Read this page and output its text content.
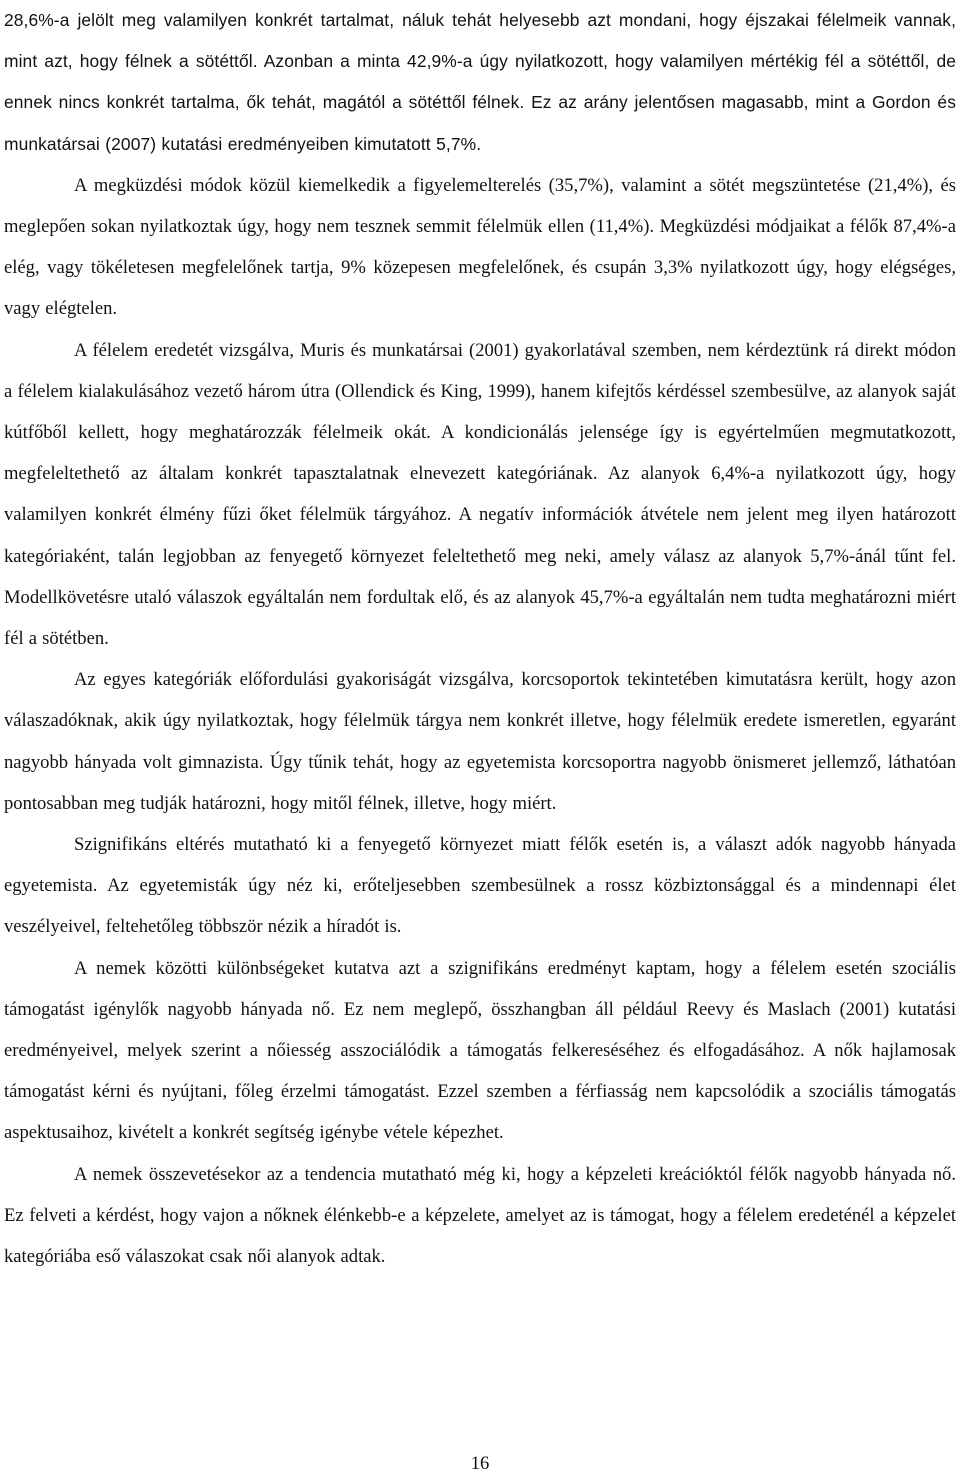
28,6%-a jelölt meg valamilyen konkrét tartalmat, náluk tehát helyesebb azt mondani, hogy éjszakai félelmeik vannak, mint azt, hogy félnek a sötéttől. Azonban a minta 42,9%-a úgy nyilatkozott, hogy valamilyen mértékig fél a sötéttől, de ennek nincs konkrét tartalma, ők tehát, magától a sötéttől félnek. Ez az arány jelentősen magasabb, mint a Gordon és munkatársai (2007) kutatási eredményeiben kimutatott 5,7%.

A megküzdési módok közül kiemelkedik a figyelemelterelés (35,7%), valamint a sötét megszüntetése (21,4%), és meglepően sokan nyilatkoztak úgy, hogy nem tesznek semmit félelmük ellen (11,4%). Megküzdési módjaikat a félők 87,4%-a elég, vagy tökéletesen megfelelőnek tartja, 9% közepesen megfelelőnek, és csupán 3,3% nyilatkozott úgy, hogy elégséges, vagy elégtelen.

A félelem eredetét vizsgálva, Muris és munkatársai (2001) gyakorlatával szemben, nem kérdeztünk rá direkt módon a félelem kialakulásához vezető három útra (Ollendick és King, 1999), hanem kifejtős kérdéssel szembesülve, az alanyok saját kútfőből kellett, hogy meghatározzák félelmeik okát. A kondicionálás jelensége így is egyértelműen megmutatkozott, megfeleltethető az általam konkrét tapasztalatnak elnevezett kategóriának. Az alanyok 6,4%-a nyilatkozott úgy, hogy valamilyen konkrét élmény fűzi őket félelmük tárgyához. A negatív információk átvétele nem jelent meg ilyen határozott kategóriaként, talán legjobban az fenyegető környezet feleltethető meg neki, amely válasz az alanyok 5,7%-ánál tűnt fel. Modellkövetésre utaló válaszok egyáltalán nem fordultak elő, és az alanyok 45,7%-a egyáltalán nem tudta meghatározni miért fél a sötétben.

Az egyes kategóriák előfordulási gyakoriságát vizsgálva, korcsoportok tekintetében kimutatásra került, hogy azon válaszadóknak, akik úgy nyilatkoztak, hogy félelmük tárgya nem konkrét illetve, hogy félelmük eredete ismeretlen, egyaránt nagyobb hányada volt gimnazista. Úgy tűnik tehát, hogy az egyetemista korcsoportra nagyobb önismeret jellemző, láthatóan pontosabban meg tudják határozni, hogy mitől félnek, illetve, hogy miért.

Szignifikáns eltérés mutatható ki a fenyegető környezet miatt félők esetén is, a választ adók nagyobb hányada egyetemista. Az egyetemisták úgy néz ki, erőteljesebben szembesülnek a rossz közbiztonsággal és a mindennapi élet veszélyeivel, feltehetőleg többször nézik a híradót is.

A nemek közötti különbségeket kutatva azt a szignifikáns eredményt kaptam, hogy a félelem esetén szociális támogatást igénylők nagyobb hányada nő. Ez nem meglepő, összhangban áll például Reevy és Maslach (2001) kutatási eredményeivel, melyek szerint a nőiesség asszociálódik a támogatás felkereséséhez és elfogadásához. A nők hajlamosak támogatást kérni és nyújtani, főleg érzelmi támogatást. Ezzel szemben a férfiasság nem kapcsolódik a szociális támogatás aspektusaihoz, kivételt a konkrét segítség igénybe vétele képezhet.

A nemek összevetésekor az a tendencia mutatható még ki, hogy a képzeleti kreációktól félők nagyobb hányada nő. Ez felveti a kérdést, hogy vajon a nőknek élénkebb-e a képzelete, amelyet az is támogat, hogy a félelem eredeténél a képzelet kategóriába eső válaszokat csak női alanyok adtak.

16
